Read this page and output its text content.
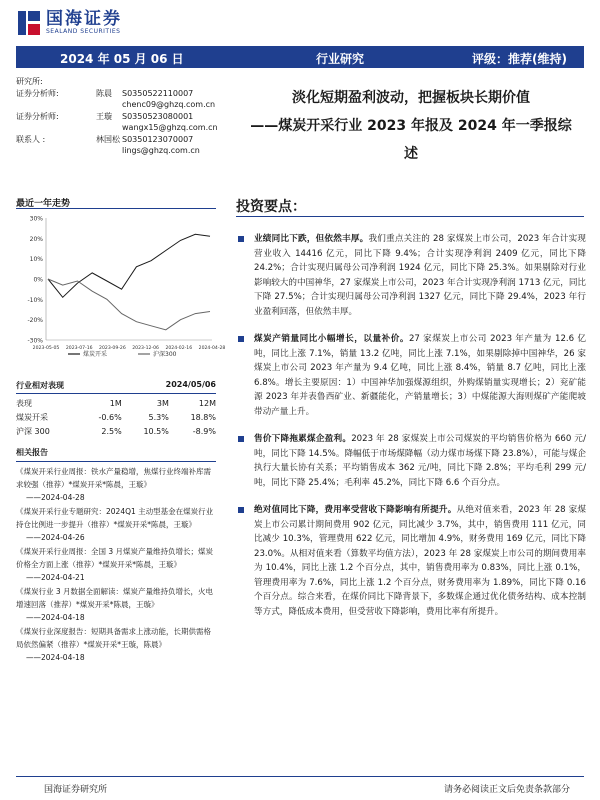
国海证券
SEALAND SECURITIES
2024 年 05 月 06 日	行业研究	评级：推荐(维持)
研究所:
证券分析师:	陈晨	S0350522110007
chenc09@ghzq.com.cn
证券分析师:	王璇	S0350523080001
wangx15@ghzq.com.cn
联系人 :	林国松 S0350123070007
lings@ghzq.com.cn
最近一年走势
30%
20%
10%
0%
-10%
-20%
-30%
2023-05-05 2023-07-16 2023-09-26 2023-12-06 2024-02-16 2024-04-28
煤炭开采	沪深300
行业相对表现	2024/05/06
表现	1M	3M	12M
煤炭开采	-0.6%	5.3%	18.8%
沪深 300	2.5%	10.5%	-8.9%
相关报告
《煤炭开采行业周报：铁水产量稳增，焦煤行业终端补库需求较强（推荐）*煤炭开采*陈晨，王璇》
——2024-04-28
《煤炭开采行业专题研究：2024Q1 主动型基金在煤炭行业持仓比例进一步提升（推荐）*煤炭开采*陈晨，王璇》
——2024-04-26
《煤炭开采行业周报：全国 3 月煤炭产量维持负增长；煤炭价格全方面上涨（推荐）*煤炭开采*陈晨，王璇》
——2024-04-21
《煤炭行业 3 月数据全面解读：煤炭产量维持负增长，火电增速回落（推荐）*煤炭开采*陈晨，王璇》
——2024-04-18
《煤炭行业深度报告：短期具备需求上涨动能，长期供需格局依然偏紧（推荐）*煤炭开采*王璇，陈晨》
——2024-04-18
淡化短期盈利波动，把握板块长期价值
——煤炭开采行业 2023 年报及 2024 年一季报综
述
投资要点：
业绩同比下跌，但依然丰厚。我们重点关注的 28 家煤炭上市公司，2023 年合计实现营业收入 14416 亿元，同比下降 9.4%；合计实现净利润 2409 亿元，同比下降 24.2%；合计实现归属母公司净利润 1924 亿元，同比下降 25.3%。如果剔除对行业影响较大的中国神华，27 家煤炭上市公司，2023 年合计实现净利润 1713 亿元，同比下降 27.5%；合计实现归属母公司净利润 1327 亿元，同比下降 29.4%，2023 年行业盈利回落，但依然丰厚。
煤炭产销量同比小幅增长，以量补价。27 家煤炭上市公司 2023 年产量为 12.6 亿吨，同比上涨 7.1%，销量 13.2 亿吨，同比上涨 7.1%，如果剔除掉中国神华，26 家煤炭上市公司 2023 年产量为 9.4 亿吨，同比上涨 8.4%，销量 8.7 亿吨，同比上涨 6.8%。增长主要原因：1）中国神华加强煤源组织，外购煤销量实现增长；2）兖矿能源 2023 年并表鲁西矿业、新疆能化，产销量增长；3）中煤能源大海则煤矿产能爬坡带动产量上升。
售价下降拖累煤企盈利。2023 年 28 家煤炭上市公司煤炭的平均销售价格为 660 元/吨，同比下降 14.5%。降幅低于市场煤降幅（动力煤市场煤下降 23.8%），可能与煤企执行大量长协有关系；平均销售成本 362 元/吨，同比下降 2.8%；平均毛利 299 元/吨，同比下降 25.4%；毛利率 45.2%，同比下降 6.6 个百分点。
绝对值同比下降，费用率受营收下降影响有所提升。从绝对值来看，2023 年 28 家煤炭上市公司累计期间费用 902 亿元，同比减少 3.7%，其中，销售费用 111 亿元，同比减少 10.3%，管理费用 622 亿元，同比增加 4.9%，财务费用 169 亿元，同比下降 23.0%。从相对值来看（算数平均值方法），2023 年 28 家煤炭上市公司的期间费用率为 10.4%，同比上涨 1.2 个百分点，其中，销售费用率为 0.83%，同比上涨 0.1%，管理费用率为 7.6%，同比上涨 1.2 个百分点，财务费用率为 1.89%，同比下降 0.16 个百分点。综合来看，在煤价同比下降背景下，多数煤企通过优化债务结构、成本控制等方式，降低成本费用，但受营收下降影响，费用比率有所提升。
国海证券研究所	请务必阅读正文后免责条款部分
